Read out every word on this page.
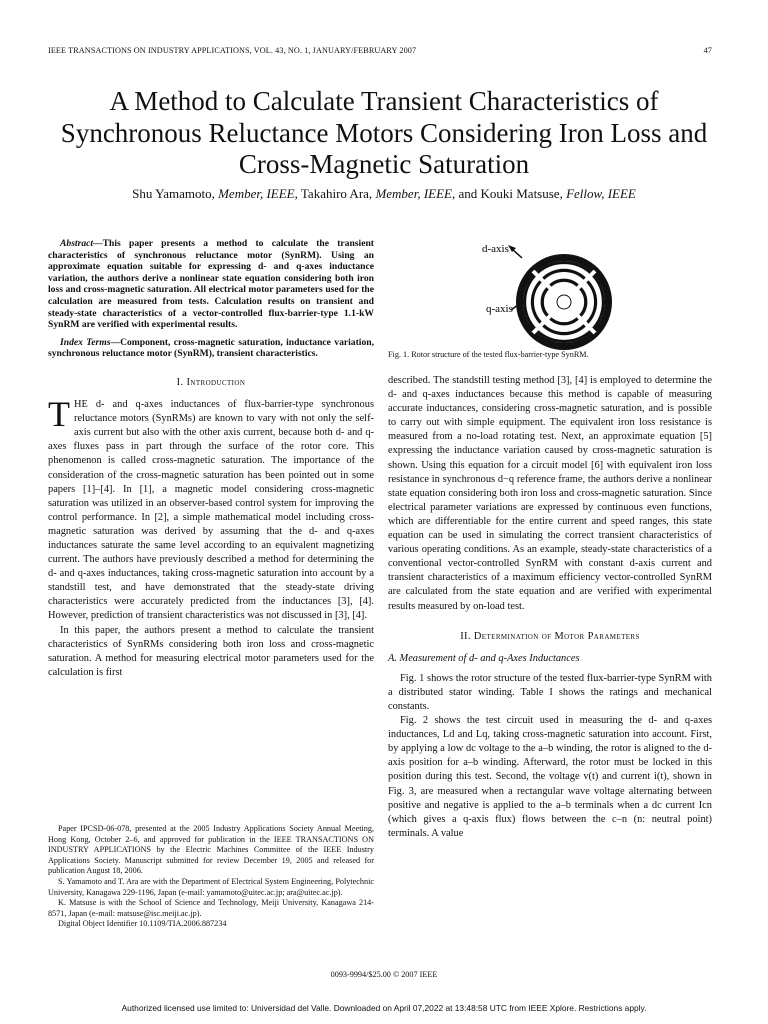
IEEE TRANSACTIONS ON INDUSTRY APPLICATIONS, VOL. 43, NO. 1, JANUARY/FEBRUARY 2007	47
A Method to Calculate Transient Characteristics of Synchronous Reluctance Motors Considering Iron Loss and Cross-Magnetic Saturation
Shu Yamamoto, Member, IEEE, Takahiro Ara, Member, IEEE, and Kouki Matsuse, Fellow, IEEE

Abstract—This paper presents a method to calculate the transient characteristics of synchronous reluctance motor (SynRM). Using an approximate equation suitable for expressing d- and q-axes inductance variation, the authors derive a nonlinear state equation considering both iron loss and cross-magnetic saturation. All electrical motor parameters used for the calculation are measured from tests. Calculation results on transient and steady-state characteristics of a vector-controlled flux-barrier-type 1.1-kW SynRM are verified with experimental results.

Index Terms—Component, cross-magnetic saturation, inductance variation, synchronous reluctance motor (SynRM), transient characteristics.

I. Introduction

THE d- and q-axes inductances of flux-barrier-type synchronous reluctance motors (SynRMs) are known to vary with not only the self-axis current but also with the other axis current, because both d- and q-axes fluxes pass in part through the surface of the rotor core. This phenomenon is called cross-magnetic saturation. The importance of the consideration of the cross-magnetic saturation has been pointed out in some papers [1]–[4]. In [1], a magnetic model considering cross-magnetic saturation was utilized in an observer-based control system for improving the control performance. In [2], a simple mathematical model including cross-magnetic saturation was derived by assuming that the d- and q-axes inductances saturate the same level according to an equivalent magnetizing current. The authors have previously described a method for determining the d- and q-axes inductances, taking cross-magnetic saturation into account by a standstill test, and have demonstrated that the steady-state driving characteristics were accurately predicted from the inductances [3], [4]. However, prediction of transient characteristics was not discussed in [3], [4].

In this paper, the authors present a method to calculate the transient characteristics of SynRMs considering both iron loss and cross-magnetic saturation. A method for measuring electrical motor parameters used for the calculation is first

Paper IPCSD-06-078, presented at the 2005 Industry Applications Society Annual Meeting, Hong Kong, October 2–6, and approved for publication in the IEEE TRANSACTIONS ON INDUSTRY APPLICATIONS by the Electric Machines Committee of the IEEE Industry Applications Society. Manuscript submitted for review December 19, 2005 and released for publication August 18, 2006.

S. Yamamoto and T. Ara are with the Department of Electrical System Engineering, Polytechnic University, Kanagawa 229-1196, Japan (e-mail: yamamoto@uitec.ac.jp; ara@uitec.ac.jp).

K. Matsuse is with the School of Science and Technology, Meiji University, Kanagawa 214-8571, Japan (e-mail: matsuse@isc.meiji.ac.jp).

Digital Object Identifier 10.1109/TIA.2006.887234

d-axis
q-axis
Fig. 1. Rotor structure of the tested flux-barrier-type SynRM.

described. The standstill testing method [3], [4] is employed to determine the d- and q-axes inductances because this method is capable of measuring accurate inductances, considering cross-magnetic saturation, and is possible to carry out with simple equipment. The equivalent iron loss resistance is measured from a no-load rotating test. Next, an approximate equation [5] expressing the inductance variation caused by cross-magnetic saturation is shown. Using this equation for a circuit model [6] with equivalent iron loss resistance in synchronous d−q reference frame, the authors derive a nonlinear state equation considering both iron loss and cross-magnetic saturation. Since electrical parameter variations are expressed by continuous even functions, which are differentiable for the entire current and speed ranges, this state equation can be used in simulating the correct transient characteristics of various operating conditions. As an example, steady-state characteristics of a conventional vector-controlled SynRM with constant d-axis current and transient characteristics of a maximum efficiency vector-controlled SynRM are calculated from the state equation and are verified with experimental results measured by on-load test.

II. Determination of Motor Parameters
A. Measurement of d- and q-Axes Inductances

Fig. 1 shows the rotor structure of the tested flux-barrier-type SynRM with a distributed stator winding. Table I shows the ratings and mechanical constants.

Fig. 2 shows the test circuit used in measuring the d- and q-axes inductances, Ld and Lq, taking cross-magnetic saturation into account. First, by applying a low dc voltage to the a–b winding, the rotor is aligned to the d-axis position for a–b winding. Afterward, the rotor must be locked in this position during this test. Second, the voltage v(t) and current i(t), shown in Fig. 3, are measured when a rectangular wave voltage alternating between positive and negative is applied to the a–b terminals when a dc current Icn (which gives a q-axis flux) flows between the c–n (n: neutral point) terminals. A value

0093-9994/$25.00 © 2007 IEEE
Authorized licensed use limited to: Universidad del Valle. Downloaded on April 07,2022 at 13:48:58 UTC from IEEE Xplore. Restrictions apply.
